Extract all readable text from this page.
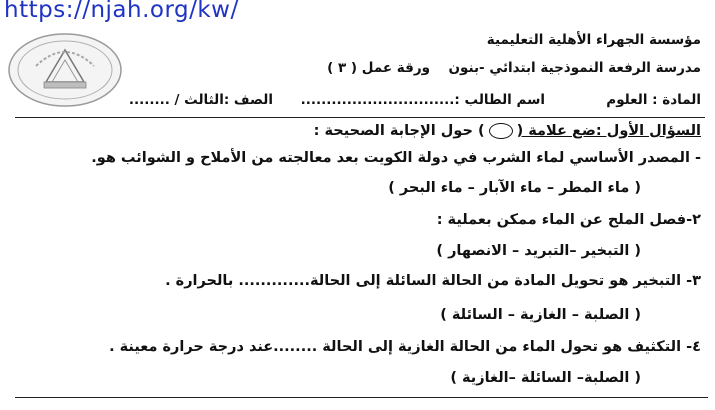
https://njah.org/kw/
مؤسسة الجهراء الأهلية التعليمية
مدرسة الرفعة النموذجية ابتدائي -بنون
ورقة عمل ( ٣ )
المادة : العلوم
اسم الطالب :..............................
الصف :الثالث / ........
السؤال الأول :ضع علامة () حول الإجابة الصحيحة :
- المصدر الأساسي لماء الشرب في دولة الكويت بعد معالجته من الأملاح و الشوائب هو.
( ماء المطر – ماء الآبار – ماء البحر )
٢-فصل الملح عن الماء ممكن بعملية :
( التبخير –التبريد – الانصهار )
٣- التبخير هو تحويل المادة من الحالة السائلة إلى الحالة............. بالحرارة .
( الصلبة – الغازية – السائلة )
٤- التكثيف هو تحول الماء من الحالة الغازية إلى الحالة ........عند درجة حرارة معينة .
( الصلبة– السائلة –الغازية )
